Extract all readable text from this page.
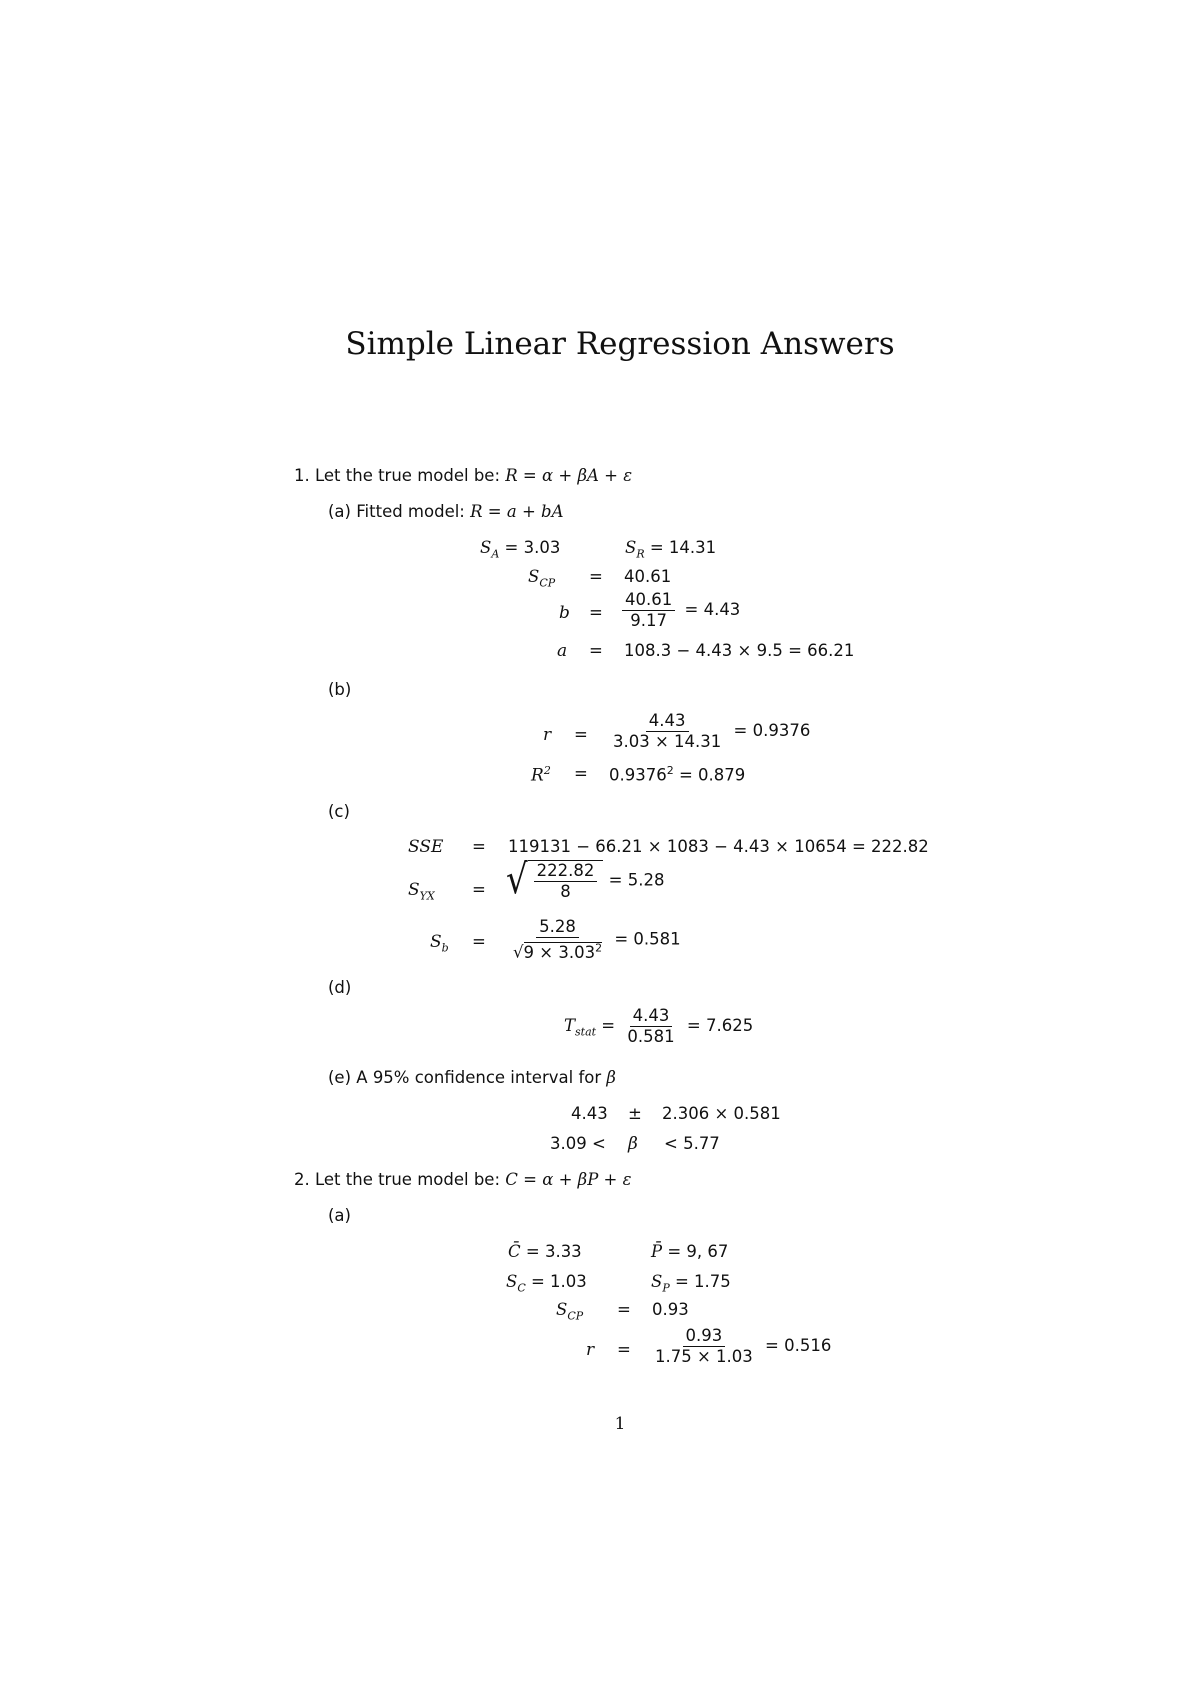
Simple Linear Regression Answers
1. Let the true model be: R = α + βA + ε
(a) Fitted model: R = a + bA
$S_A = 3.03$	$S_R = 14.31$
$S_{CP} = 40.61$
$b = \frac{40.61}{9.17} = 4.43$
a = 108.3 − 4.43 × 9.5 = 66.21
(b)
$r = \frac{4.43}{3.03 \times 14.31} = 0.9376$
$R^2 = 0.9376^2 = 0.879$
(c)
SSE = 119131 − 66.21 × 1083 − 4.43 × 10654 = 222.82
$S_{YX}$ = √ $\frac{222.82}{8} = 5.28$
$S_b = \frac{5.28}{√9 \times 3.03^2} = 0.581$
(d)
$T_{stat} = \frac{4.43}{0.581} = 7.625$
(e) A 95% confidence interval for β
4.43 ± 2.306 × 0.581
3.09 < β < 5.77
2. Let the true model be: C = α + βP + ε
(a)
C̄ = 3.33	P̄ = 9, 67
$S_C = 1.03$	$S_P = 1.75$
$S_{CP} = 0.93$
$r = \frac{0.93}{1.75 \times 1.03} = 0.516$
1
